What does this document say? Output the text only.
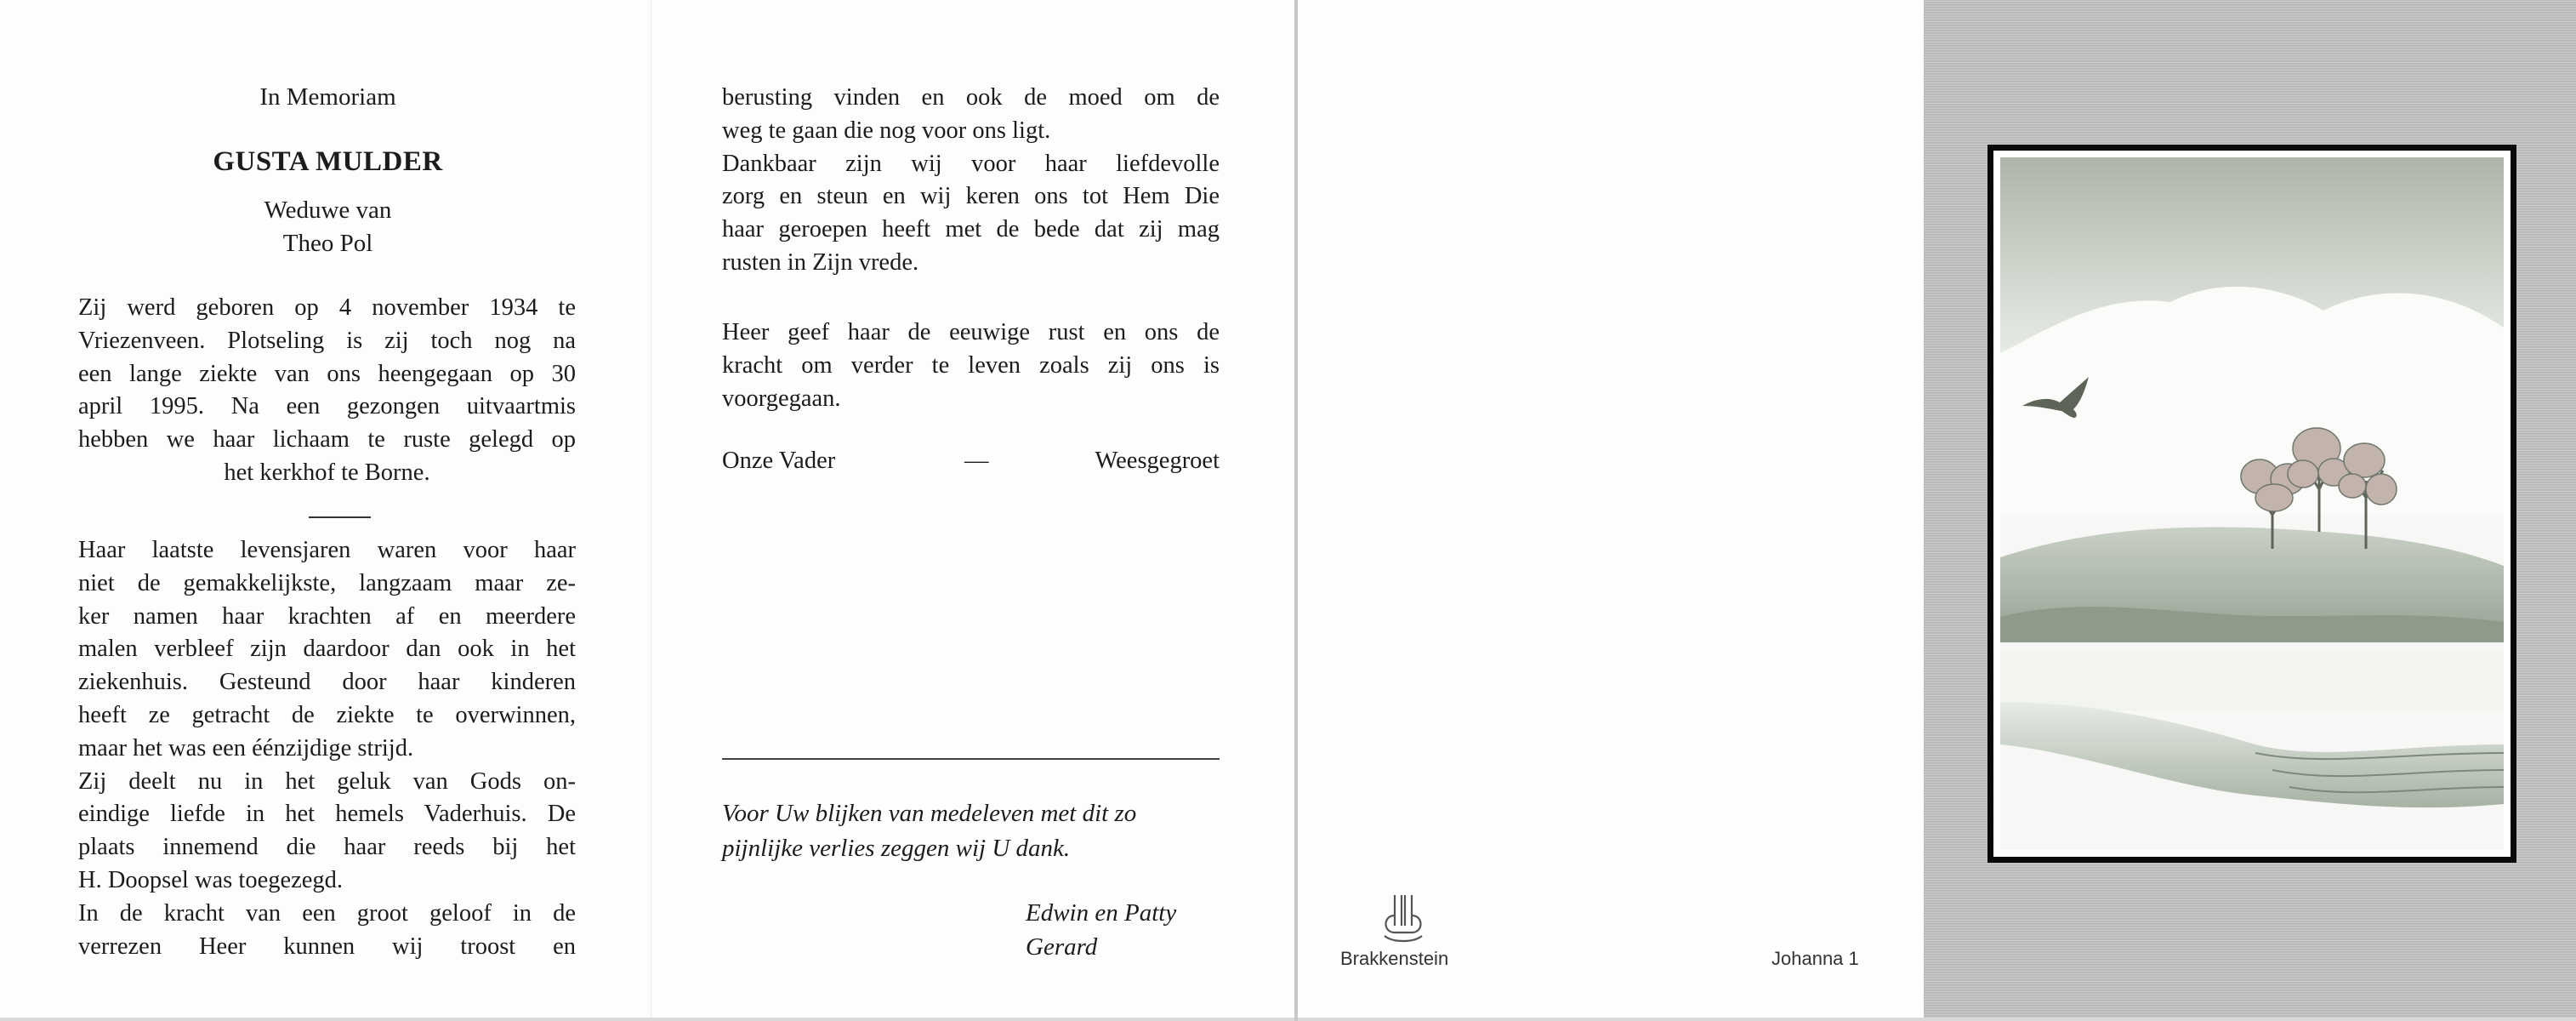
In Memoriam
GUSTA MULDER
Weduwe van
Theo Pol
Zij werd geboren op 4 november 1934 te
Vriezenveen. Plotseling is zij toch nog na
een lange ziekte van ons heengegaan op 30
april 1995. Na een gezongen uitvaartmis
hebben we haar lichaam te ruste gelegd op
het kerkhof te Borne.
Haar laatste levensjaren waren voor haar
niet de gemakkelijkste, langzaam maar ze-
ker namen haar krachten af en meerdere
malen verbleef zijn daardoor dan ook in het
ziekenhuis. Gesteund door haar kinderen
heeft ze getracht de ziekte te overwinnen,
maar het was een éénzijdige strijd.
Zij deelt nu in het geluk van Gods on-
eindige liefde in het hemels Vaderhuis. De
plaats innemend die haar reeds bij het
H. Doopsel was toegezegd.
In de kracht van een groot geloof in de
verrezen Heer kunnen wij troost en
berusting vinden en ook de moed om de
weg te gaan die nog voor ons ligt.
Dankbaar zijn wij voor haar liefdevolle
zorg en steun en wij keren ons tot Hem Die
haar geroepen heeft met de bede dat zij mag
rusten in Zijn vrede.
Heer geef haar de eeuwige rust en ons de
kracht om verder te leven zoals zij ons is
voorgegaan.
Onze Vader	—	Weesgegroet
Voor Uw blijken van medeleven met dit zo
pijnlijke verlies zeggen wij U dank.
Edwin en Patty
Gerard	Brakkenstein	Johanna 1
